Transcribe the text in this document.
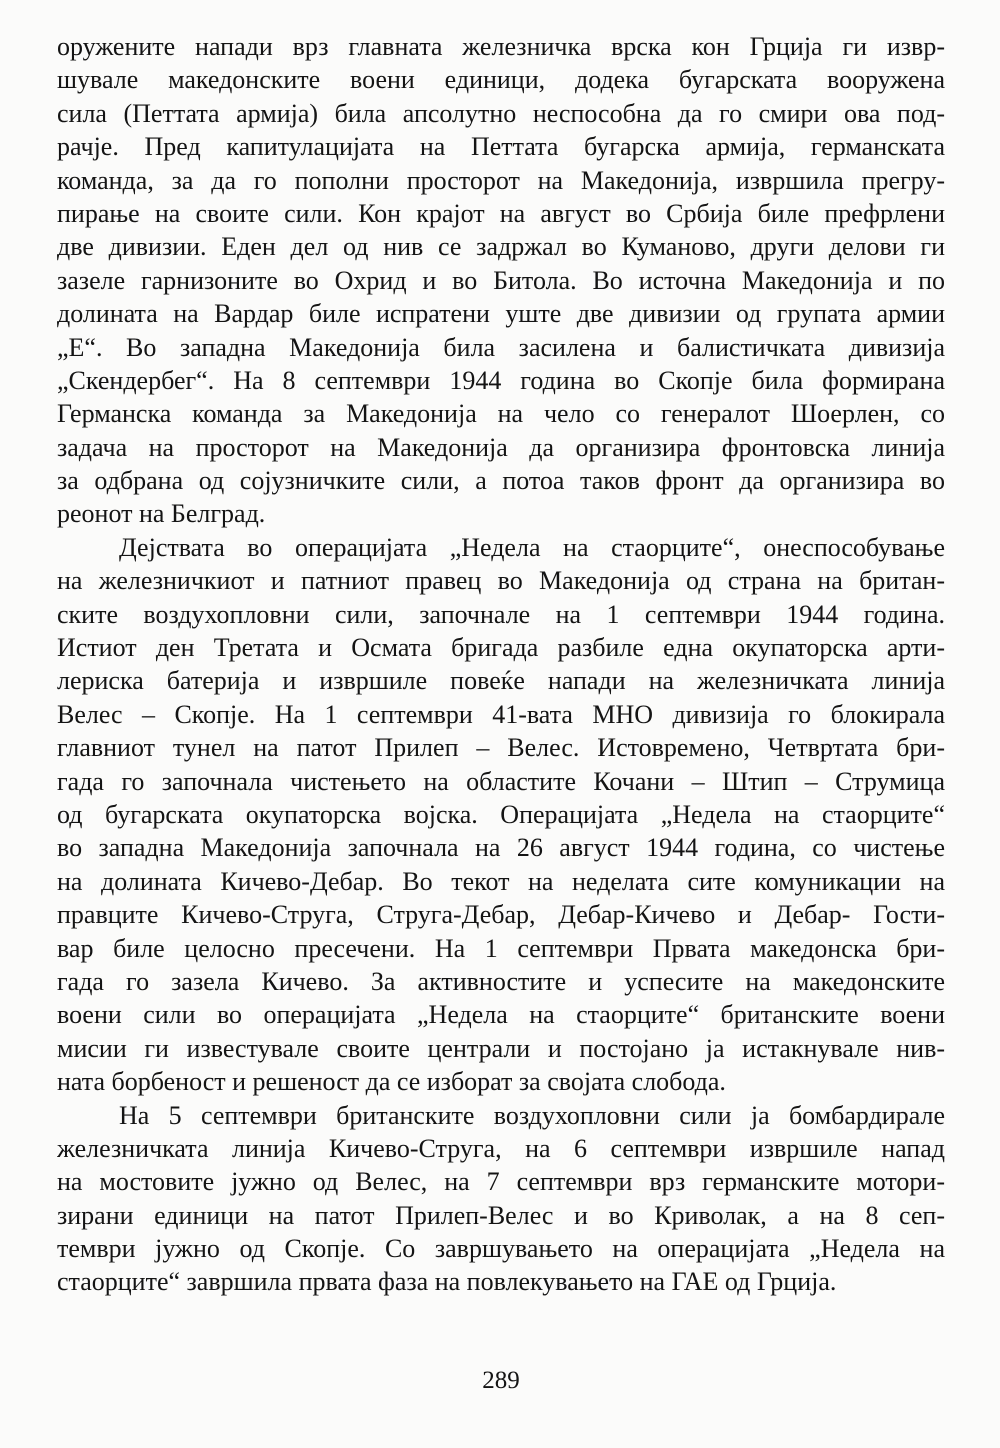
оружените напади врз главната железничка врска кон Грција ги извр-
шувале македонските воени единици, додека бугарската вооружена
сила (Петтата армија) била апсолутно неспособна да го смири ова под-
рачје. Пред капитулацијата на Петтата бугарска армија, германската
команда, за да го пополни просторот на Македонија, извршила прегру-
пирање на своите сили. Кон крајот на август во Србија биле префрлени
две дивизии. Еден дел од нив се задржал во Куманово, други делови ги
зазеле гарнизоните во Охрид и во Битола. Во источна Македонија и по
долината на Вардар биле испратени уште две дивизии од групата армии
„Е“. Во западна Македонија била засилена и балистичката дивизија
„Скендербег“. На 8 септември 1944 година во Скопје била формирана
Германска команда за Македонија на чело со генералот Шоерлен, со
задача на просторот на Македонија да организира фронтовска линија
за одбрана од сојузничките сили, а потоа таков фронт да организира во
реонот на Белград.
Дејствата во операцијата „Недела на стаорците“, онеспособување
на железничкиот и патниот правец во Македонија од страна на британ-
ските воздухопловни сили, започнале на 1 септември 1944 година.
Истиот ден Третата и Осмата бригада разбиле една окупаторска арти-
лериска батерија и извршиле повеќе напади на железничката линија
Велес – Скопје. На 1 септември 41-вата МНО дивизија го блокирала
главниот тунел на патот Прилеп – Велес. Истовремено, Четвртата бри-
гада го започнала чистењето на областите Кочани – Штип – Струмица
од бугарската окупаторска војска. Операцијата „Недела на стаорците“
во западна Македонија започнала на 26 август 1944 година, со чистење
на долината Кичево-Дебар. Во текот на неделата сите комуникации на
правците Кичево-Струга, Струга-Дебар, Дебар-Кичево и Дебар- Гости-
вар биле целосно пресечени. На 1 септември Првата македонска бри-
гада го зазела Кичево. За активностите и успесите на македонските
воени сили во операцијата „Недела на стаорците“ британските воени
мисии ги известувале своите централи и постојано ја истакнувале нив-
ната борбеност и решеност да се изборат за својата слобода.
На 5 септември британските воздухопловни сили ја бомбардирале
железничката линија Кичево-Струга, на 6 септември извршиле напад
на мостовите јужно од Велес, на 7 септември врз германските мотори-
зирани единици на патот Прилеп-Велес и во Криволак, а на 8 сеп-
тември јужно од Скопје. Со завршувањето на операцијата „Недела на
стаорците“ завршила првата фаза на повлекувањето на ГАЕ од Грција.
289
